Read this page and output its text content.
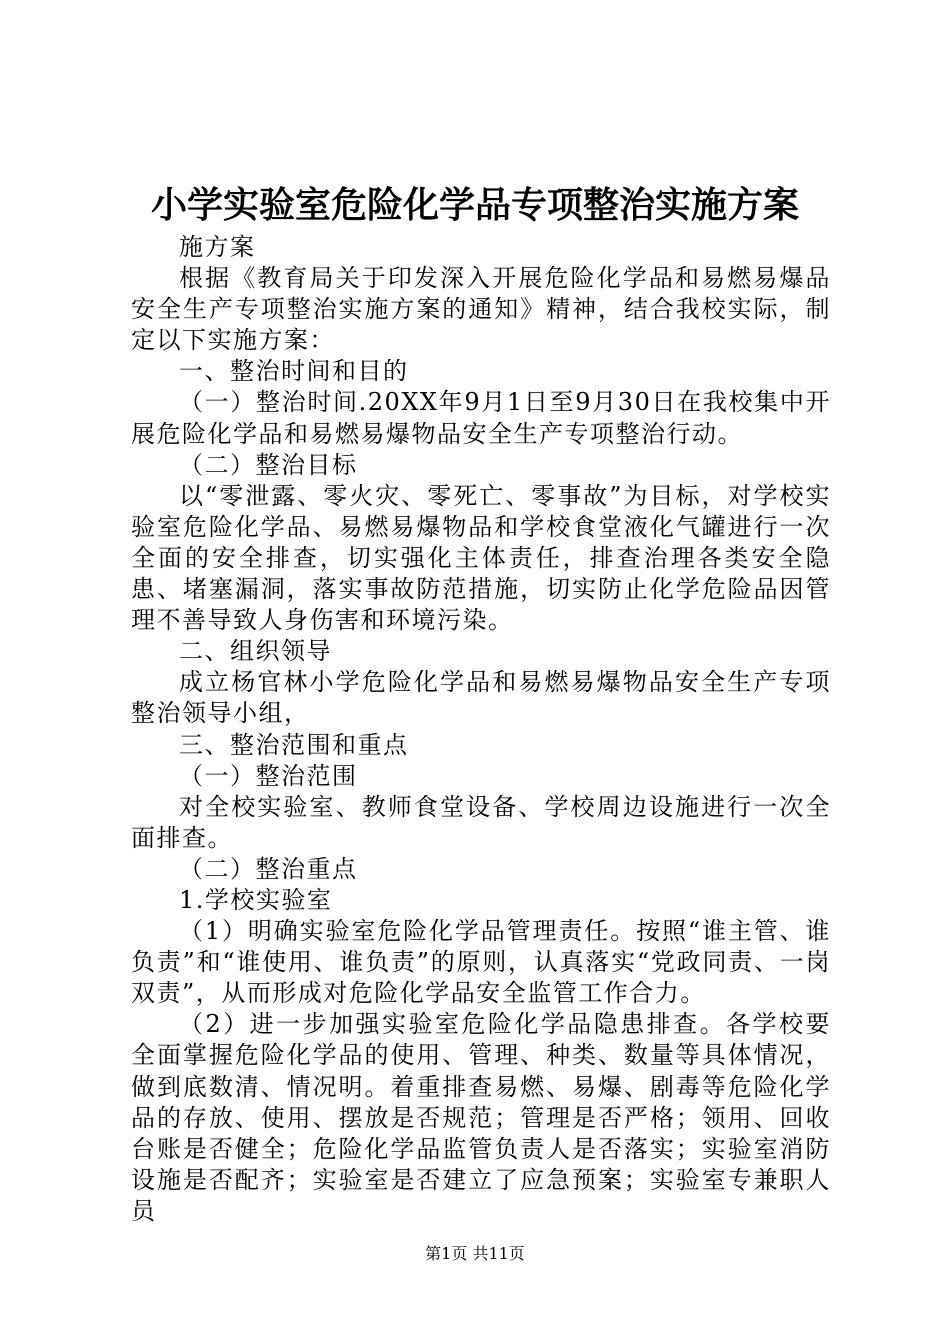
小学实验室危险化学品专项整治实施方案

施方案

根据《教育局关于印发深入开展危险化学品和易燃易爆品安全生产专项整治实施方案的通知》精神，结合我校实际，制定以下实施方案：

一、整治时间和目的

（一）整治时间.20XX年9月1日至9月30日在我校集中开展危险化学品和易燃易爆物品安全生产专项整治行动。

（二）整治目标

以“零泄露、零火灾、零死亡、零事故”为目标，对学校实验室危险化学品、易燃易爆物品和学校食堂液化气罐进行一次全面的安全排查，切实强化主体责任，排查治理各类安全隐患、堵塞漏洞，落实事故防范措施，切实防止化学危险品因管理不善导致人身伤害和环境污染。

二、组织领导

成立杨官林小学危险化学品和易燃易爆物品安全生产专项整治领导小组，

三、整治范围和重点

（一）整治范围

对全校实验室、教师食堂设备、学校周边设施进行一次全面排查。

（二）整治重点

1.学校实验室

（1）明确实验室危险化学品管理责任。按照“谁主管、谁负责”和“谁使用、谁负责”的原则，认真落实“党政同责、一岗双责”，从而形成对危险化学品安全监管工作合力。

（2）进一步加强实验室危险化学品隐患排查。各学校要全面掌握危险化学品的使用、管理、种类、数量等具体情况，做到底数清、情况明。着重排查易燃、易爆、剧毒等危险化学品的存放、使用、摆放是否规范；管理是否严格；领用、回收台账是否健全；危险化学品监管负责人是否落实；实验室消防设施是否配齐；实验室是否建立了应急预案；实验室专兼职人员

第1页 共11页
